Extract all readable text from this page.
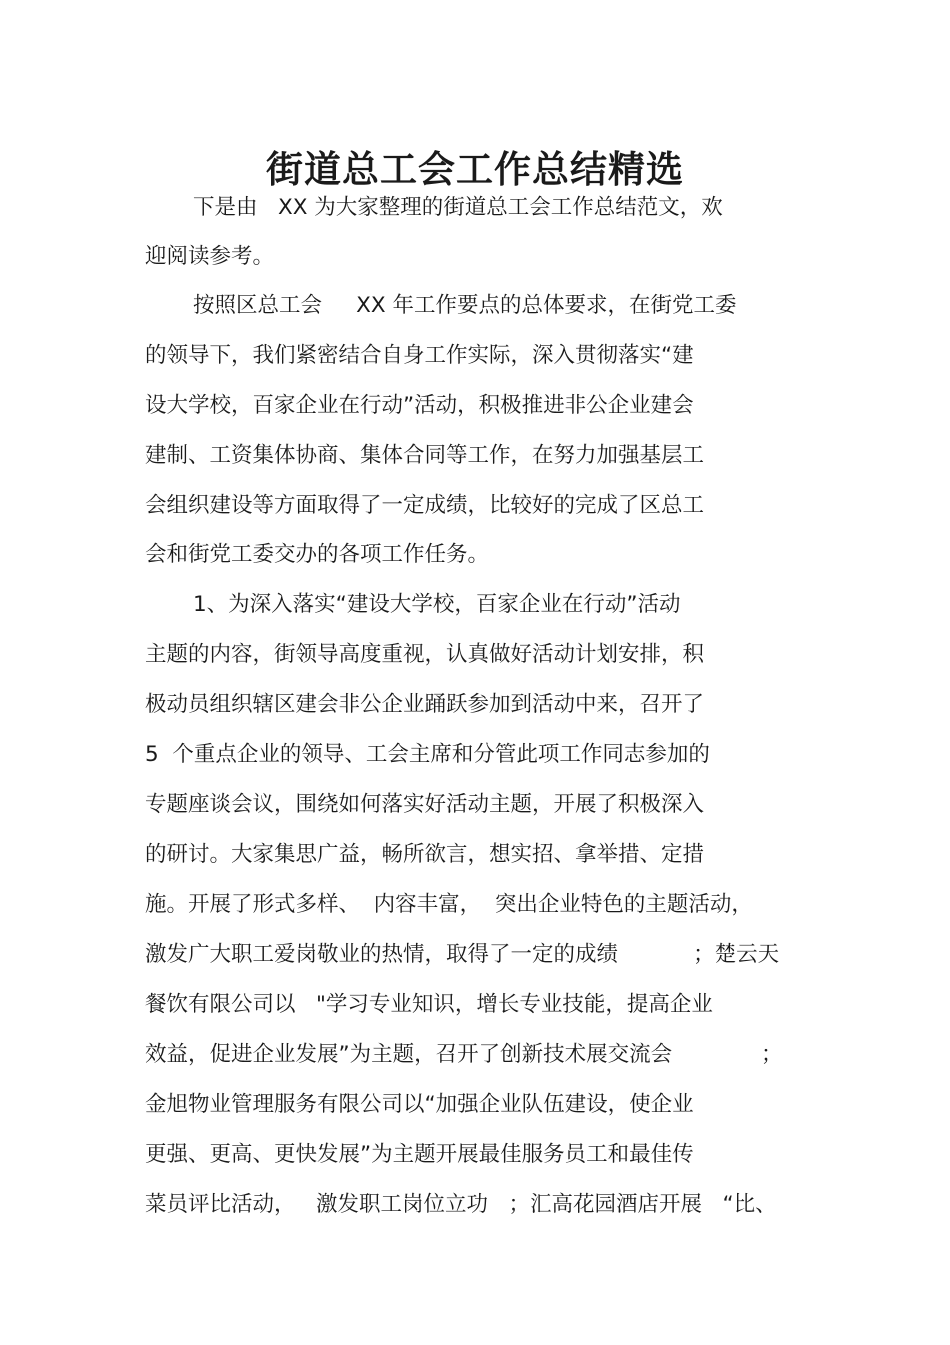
街道总工会工作总结精选
下是由   XX 为大家整理的街道总工会工作总结范文，欢
迎阅读参考。
按照区总工会     XX 年工作要点的总体要求，在街党工委
的领导下，我们紧密结合自身工作实际，深入贯彻落实“建
设大学校，百家企业在行动”活动，积极推进非公企业建会
建制、工资集体协商、集体合同等工作，在努力加强基层工
会组织建设等方面取得了一定成绩，比较好的完成了区总工
会和街党工委交办的各项工作任务。
1、为深入落实“建设大学校，百家企业在行动”活动
主题的内容，街领导高度重视，认真做好活动计划安排，积
极动员组织辖区建会非公企业踊跃参加到活动中来，召开了
5  个重点企业的领导、工会主席和分管此项工作同志参加的
专题座谈会议，围绕如何落实好活动主题，开展了积极深入
的研讨。大家集思广益，畅所欲言，想实招、拿举措、定措
施。开展了形式多样、  内容丰富，  突出企业特色的主题活动，
激发广大职工爱岗敬业的热情，取得了一定的成绩           ；楚云天
餐饮有限公司以   "学习专业知识，增长专业技能，提高企业
效益，促进企业发展”为主题，召开了创新技术展交流会             ；
金旭物业管理服务有限公司以“加强企业队伍建设，使企业
更强、更高、更快发展”为主题开展最佳服务员工和最佳传
菜员评比活动，   激发职工岗位立功   ；汇高花园酒店开展   “比、
